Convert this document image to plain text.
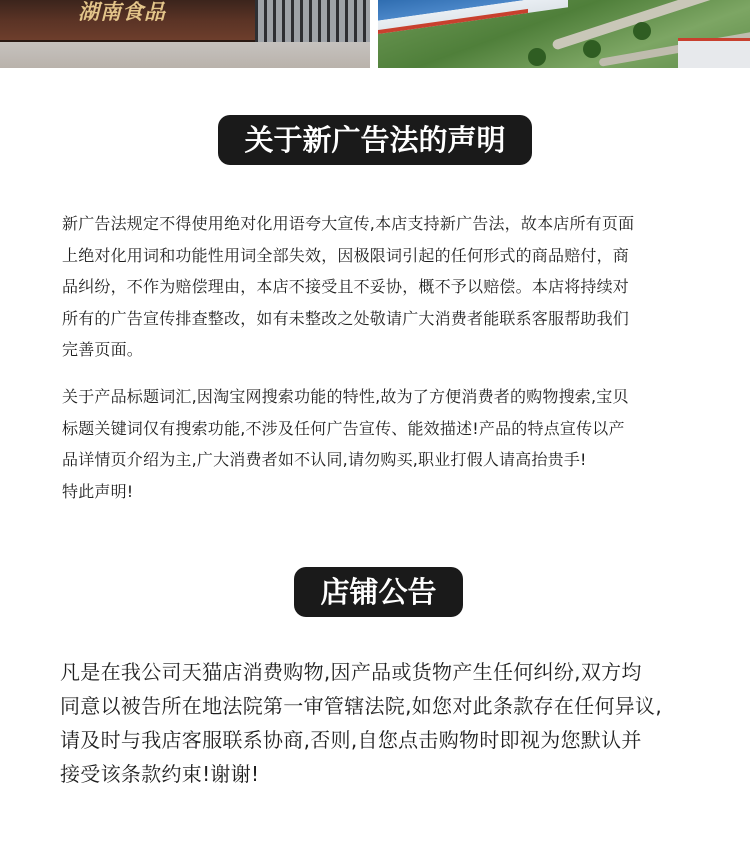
湖南食品
关于新广告法的声明

新广告法规定不得使用绝对化用语夸大宣传,本店支持新广告法，故本店所有页面
上绝对化用词和功能性用词全部失效，因极限词引起的任何形式的商品赔付，商
品纠纷，不作为赔偿理由，本店不接受且不妥协，概不予以赔偿。本店将持续对
所有的广告宣传排查整改，如有未整改之处敬请广大消费者能联系客服帮助我们
完善页面。

关于产品标题词汇,因淘宝网搜索功能的特性,故为了方便消费者的购物搜索,宝贝
标题关键词仅有搜索功能,不涉及任何广告宣传、能效描述!产品的特点宣传以产
品详情页介绍为主,广大消费者如不认同,请勿购买,职业打假人请高抬贵手!
特此声明!

店铺公告

凡是在我公司天猫店消费购物,因产品或货物产生任何纠纷,双方均
同意以被告所在地法院第一审管辖法院,如您对此条款存在任何异议,
请及时与我店客服联系协商,否则,自您点击购物时即视为您默认并
接受该条款约束!谢谢!
